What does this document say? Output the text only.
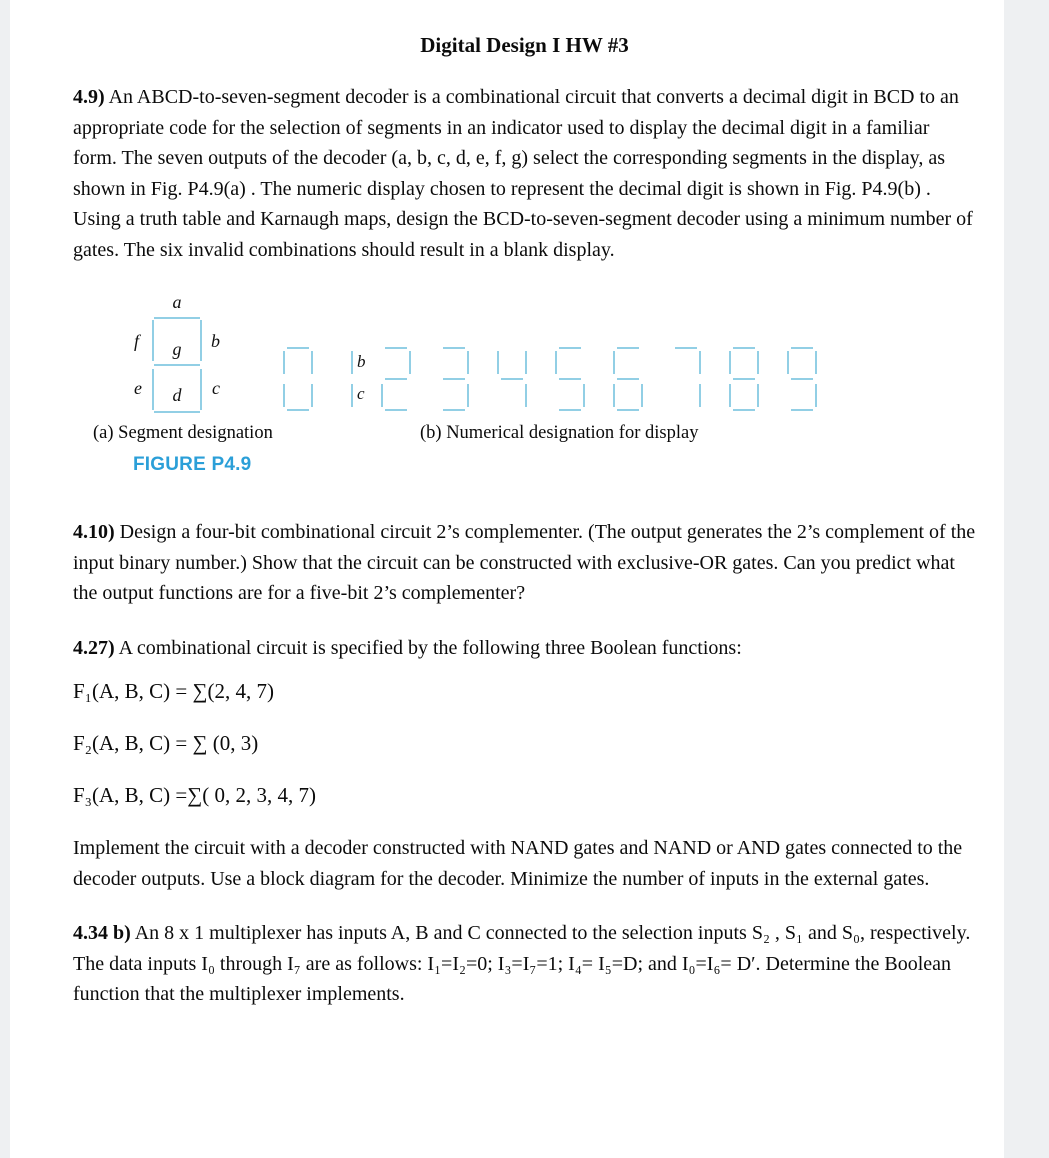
Digital Design I HW #3

4.9) An ABCD-to-seven-segment decoder is a combinational circuit that converts a decimal digit in BCD to an appropriate code for the selection of segments in an indicator used to display the decimal digit in a familiar form. The seven outputs of the decoder (a, b, c, d, e, f, g) select the corresponding segments in the display, as shown in Fig. P4.9(a) . The numeric display chosen to represent the decimal digit is shown in Fig. P4.9(b) . Using a truth table and Karnaugh maps, design the BCD-to-seven-segment decoder using a minimum number of gates. The six invalid combinations should result in a blank display.

a
f	b
g
e	c
d
b
c
(a) Segment designation	(b) Numerical designation for display
FIGURE P4.9

4.10) Design a four-bit combinational circuit 2’s complementer. (The output generates the 2’s complement of the input binary number.) Show that the circuit can be constructed with exclusive-OR gates. Can you predict what the output functions are for a five-bit 2’s complementer?

4.27) A combinational circuit is specified by the following three Boolean functions:

F₁(A, B, C) = ∑(2, 4, 7)

F₂(A, B, C) = ∑ (0, 3)

F₃(A, B, C) =∑( 0, 2, 3, 4, 7)

Implement the circuit with a decoder constructed with NAND gates and NAND or AND gates connected to the decoder outputs. Use a block diagram for the decoder. Minimize the number of inputs in the external gates.

4.34 b) An 8 x 1 multiplexer has inputs A, B and C connected to the selection inputs S₂ , S₁ and S₀, respectively. The data inputs I₀ through I₇ are as follows: I₁=I₂=0; I₃=I₇=1; I₄= I₅=D; and I₀=I₆= D′. Determine the Boolean function that the multiplexer implements.
